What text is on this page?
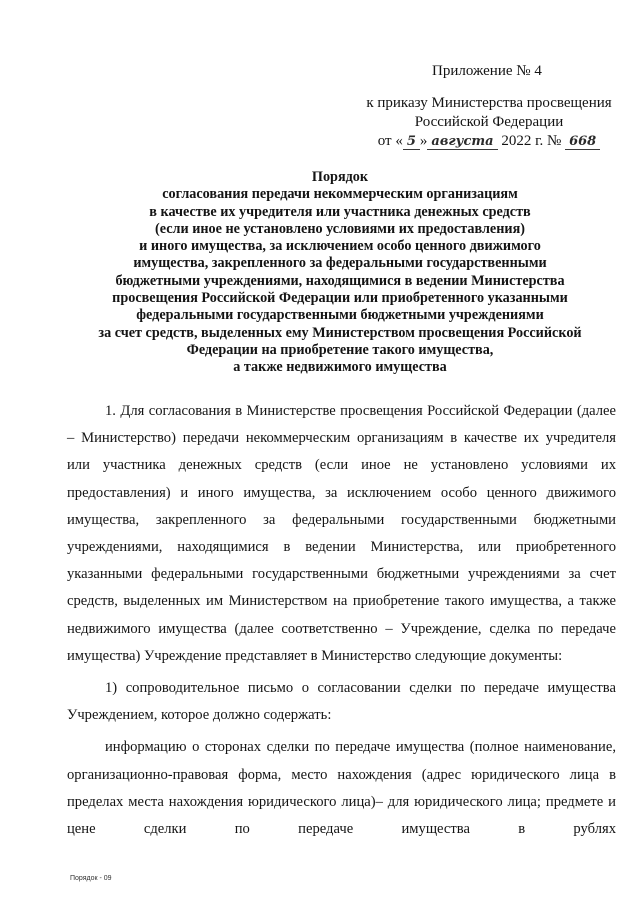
Приложение № 4
к приказу Министерства просвещения
Российской Федерации
от « 5 » августа 2022 г. № 668
Порядок
согласования передачи некоммерческим организациям
в качестве их учредителя или участника денежных средств
(если иное не установлено условиями их предоставления)
и иного имущества, за исключением особо ценного движимого
имущества, закрепленного за федеральными государственными
бюджетными учреждениями, находящимися в ведении Министерства
просвещения Российской Федерации или приобретенного указанными
федеральными государственными бюджетными учреждениями
за счет средств, выделенных ему Министерством просвещения Российской
Федерации на приобретение такого имущества,
а также недвижимого имущества
1. Для согласования в Министерстве просвещения Российской Федерации (далее – Министерство) передачи некоммерческим организациям в качестве их учредителя или участника денежных средств (если иное не установлено условиями их предоставления) и иного имущества, за исключением особо ценного движимого имущества, закрепленного за федеральными государственными бюджетными учреждениями, находящимися в ведении Министерства, или приобретенного указанными федеральными государственными бюджетными учреждениями за счет средств, выделенных им Министерством на приобретение такого имущества, а также недвижимого имущества (далее соответственно – Учреждение, сделка по передаче имущества) Учреждение представляет в Министерство следующие документы:
1) сопроводительное письмо о согласовании сделки по передаче имущества Учреждением, которое должно содержать:
информацию о сторонах сделки по передаче имущества (полное наименование, организационно-правовая форма, место нахождения (адрес юридического лица в пределах места нахождения юридического лица)– для юридического лица; предмете и цене сделки по передаче имущества в рублях
Порядок - 09
